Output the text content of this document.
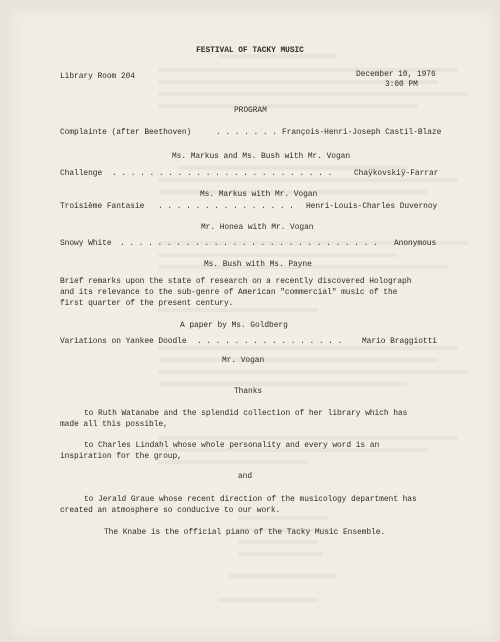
FESTIVAL OF TACKY MUSIC
Library Room 204	December 10, 1976
3:00 PM
PROGRAM
Complainte (after Beethoven)	. . . . . . . François-Henri-Joseph Castil-Blaze
Ms. Markus and Ms. Bush with Mr. Vogan
Challenge . . . . . . . . . . . . . . . . . . . . . . . .	Chaÿkovskiÿ-Farrar
Ms. Markus with Mr. Vogan
Troisième Fantasie . . . . . . . . . . . . . . . Henri-Louis-Charles Duvernoy
Mr. Honea with Mr. Vogan
Snowy White . . . . . . . . . . . . . . . . . . . . . . . . . . . . Anonymous
Ms. Bush with Ms. Payne
Brief remarks upon the state of research on a recently discovered Holograph
and its relevance to the sub-genre of American "commercial" music of the
first quarter of the present century.
A paper by Ms. Goldberg
Variations on Yankee Doodle . . . . . . . . . . . . . . . .	Mario Braggiotti
Mr. Vogan
Thanks
to Ruth Watanabe and the splendid collection of her library which has
made all this possible,
to Charles Lindahl whose whole personality and every word is an
inspiration for the group,
and
to Jerald Graue whose recent direction of the musicology department has
created an atmosphere so conducive to our work.
The Knabe is the official piano of the Tacky Music Ensemble.
